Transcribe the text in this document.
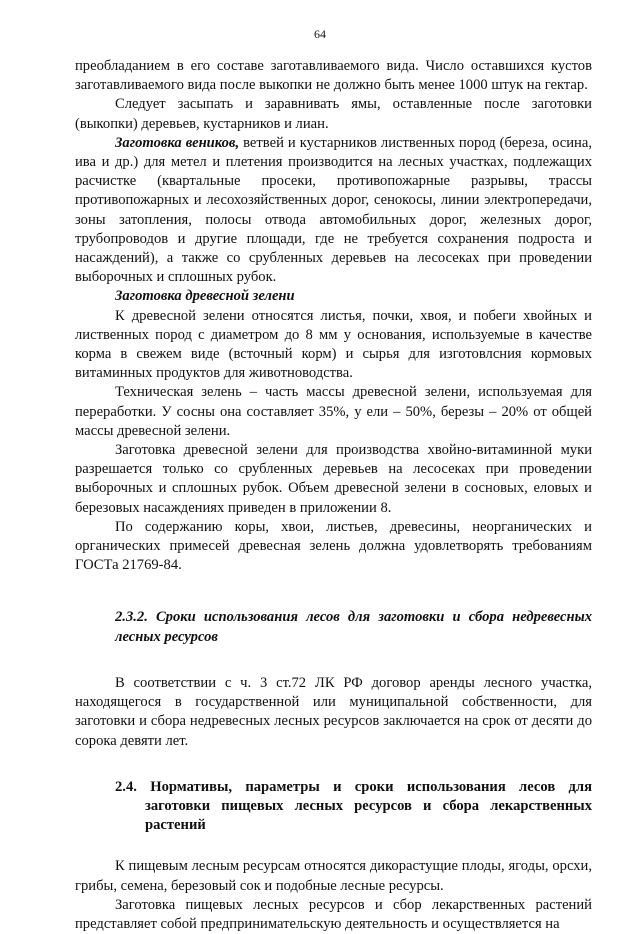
64

преобладанием в его составе заготавливаемого вида. Число оставшихся кустов заготавливаемого вида после выкопки не должно быть менее 1000 штук на гектар.

Следует засыпать и заравнивать ямы, оставленные после заготовки (выкопки) деревьев, кустарников и лиан.

Заготовка веников, ветвей и кустарников лиственных пород (береза, осина, ива и др.) для метел и плетения производится на лесных участках, подлежащих расчистке (квартальные просеки, противопожарные разрывы, трассы противопожарных и лесохозяйственных дорог, сенокосы, линии электропередачи, зоны затопления, полосы отвода автомобильных дорог, железных дорог, трубопроводов и другие площади, где не требуется сохранения подроста и насаждений), а также со срубленных деревьев на лесосеках при проведении выборочных и сплошных рубок.

Заготовка древесной зелени

К древесной зелени относятся листья, почки, хвоя, и побеги хвойных и лиственных пород с диаметром до 8 мм у основания, используемые в качестве корма в свежем виде (всточный корм) и сырья для изготовлсния кормовых витаминных продуктов для животноводства.

Техническая зелень – часть массы древесной зелени, используемая для переработки. У сосны она составляет 35%, у ели – 50%, березы – 20% от общей массы древесной зелени.

Заготовка древесной зелени для производства хвойно-витаминной муки разрешается только со срубленных деревьев на лесосеках при проведении выборочных и сплошных рубок. Объем древесной зелени в сосновых, еловых и березовых насаждениях приведен в приложении 8.

По содержанию коры, хвои, листьев, древесины, неорганических и органических примесей древесная зелень должна удовлетворять требованиям ГОСТа 21769-84.

2.3.2. Сроки использования лесов для заготовки и сбора недревесных лесных ресурсов

В соответствии с ч. 3 ст.72 ЛК РФ договор аренды лесного участка, находящегося в государственной или муниципальной собственности, для заготовки и сбора недревесных лесных ресурсов заключается на срок от десяти до сорока девяти лет.

2.4. Нормативы, параметры и сроки использования лесов для заготовки пищевых лесных ресурсов и сбора лекарственных растений

К пищевым лесным ресурсам относятся дикорастущие плоды, ягоды, орсхи, грибы, семена, березовый сок и подобные лесные ресурсы.

Заготовка пищевых лесных ресурсов и сбор лекарственных растений представляет собой предпринимательскую деятельность и осуществляется на
